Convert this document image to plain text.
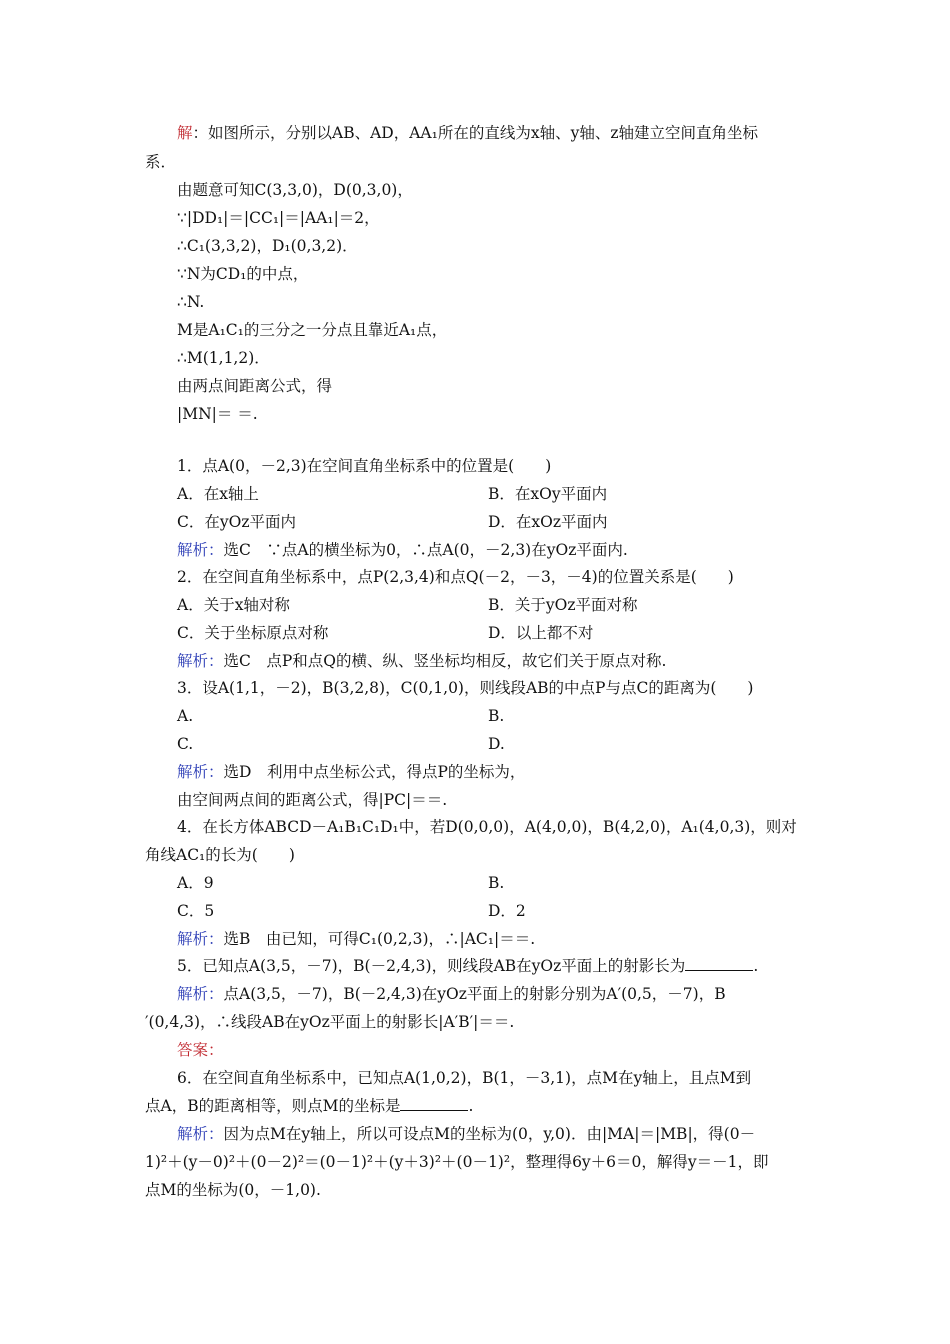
解：如图所示，分别以AB、AD，AA₁所在的直线为x轴、y轴、z轴建立空间直角坐标
系．
由题意可知C(3,3,0)，D(0,3,0)，
∵|DD₁|＝|CC₁|＝|AA₁|＝2，
∴C₁(3,3,2)，D₁(0,3,2)．
∵N为CD₁的中点，
∴N.
M是A₁C₁的三分之一分点且靠近A₁点，
∴M(1,1,2)．
由两点间距离公式，得
|MN|＝ ＝.
1．点A(0，－2,3)在空间直角坐标系中的位置是(　　)
A．在x轴上	B．在xOy平面内
C．在yOz平面内	D．在xOz平面内
解析：选C　∵点A的横坐标为0，∴点A(0，－2,3)在yOz平面内.
2．在空间直角坐标系中，点P(2,3,4)和点Q(－2，－3，－4)的位置关系是(　　)
A．关于x轴对称	B．关于yOz平面对称
C．关于坐标原点对称	D．以上都不对
解析：选C　点P和点Q的横、纵、竖坐标均相反，故它们关于原点对称.
3．设A(1,1，－2)，B(3,2,8)，C(0,1,0)，则线段AB的中点P与点C的距离为(　　)
A.	B.
C.	D.
解析：选D　利用中点坐标公式，得点P的坐标为，
由空间两点间的距离公式，得|PC|＝＝.
4．在长方体ABCD－A₁B₁C₁D₁中，若D(0,0,0)，A(4,0,0)，B(4,2,0)，A₁(4,0,3)，则对
角线AC₁的长为(　　)
A．9	B.
C．5	D．2
解析：选B　由已知，可得C₁(0,2,3)，∴|AC₁|＝＝.
5．已知点A(3,5，－7)，B(－2,4,3)，则线段AB在yOz平面上的射影长为	.
解析：点A(3,5，－7)，B(－2,4,3)在yOz平面上的射影分别为A′(0,5，－7)，B
′(0,4,3)，∴线段AB在yOz平面上的射影长|A′B′|＝＝.
答案：
6．在空间直角坐标系中，已知点A(1,0,2)，B(1，－3,1)，点M在y轴上，且点M到
点A，B的距离相等，则点M的坐标是	.
解析：因为点M在y轴上，所以可设点M的坐标为(0，y,0)．由|MA|＝|MB|，得(0－
1)²＋(y－0)²＋(0－2)²＝(0－1)²＋(y＋3)²＋(0－1)²，整理得6y＋6＝0，解得y＝－1，即
点M的坐标为(0，－1,0).
